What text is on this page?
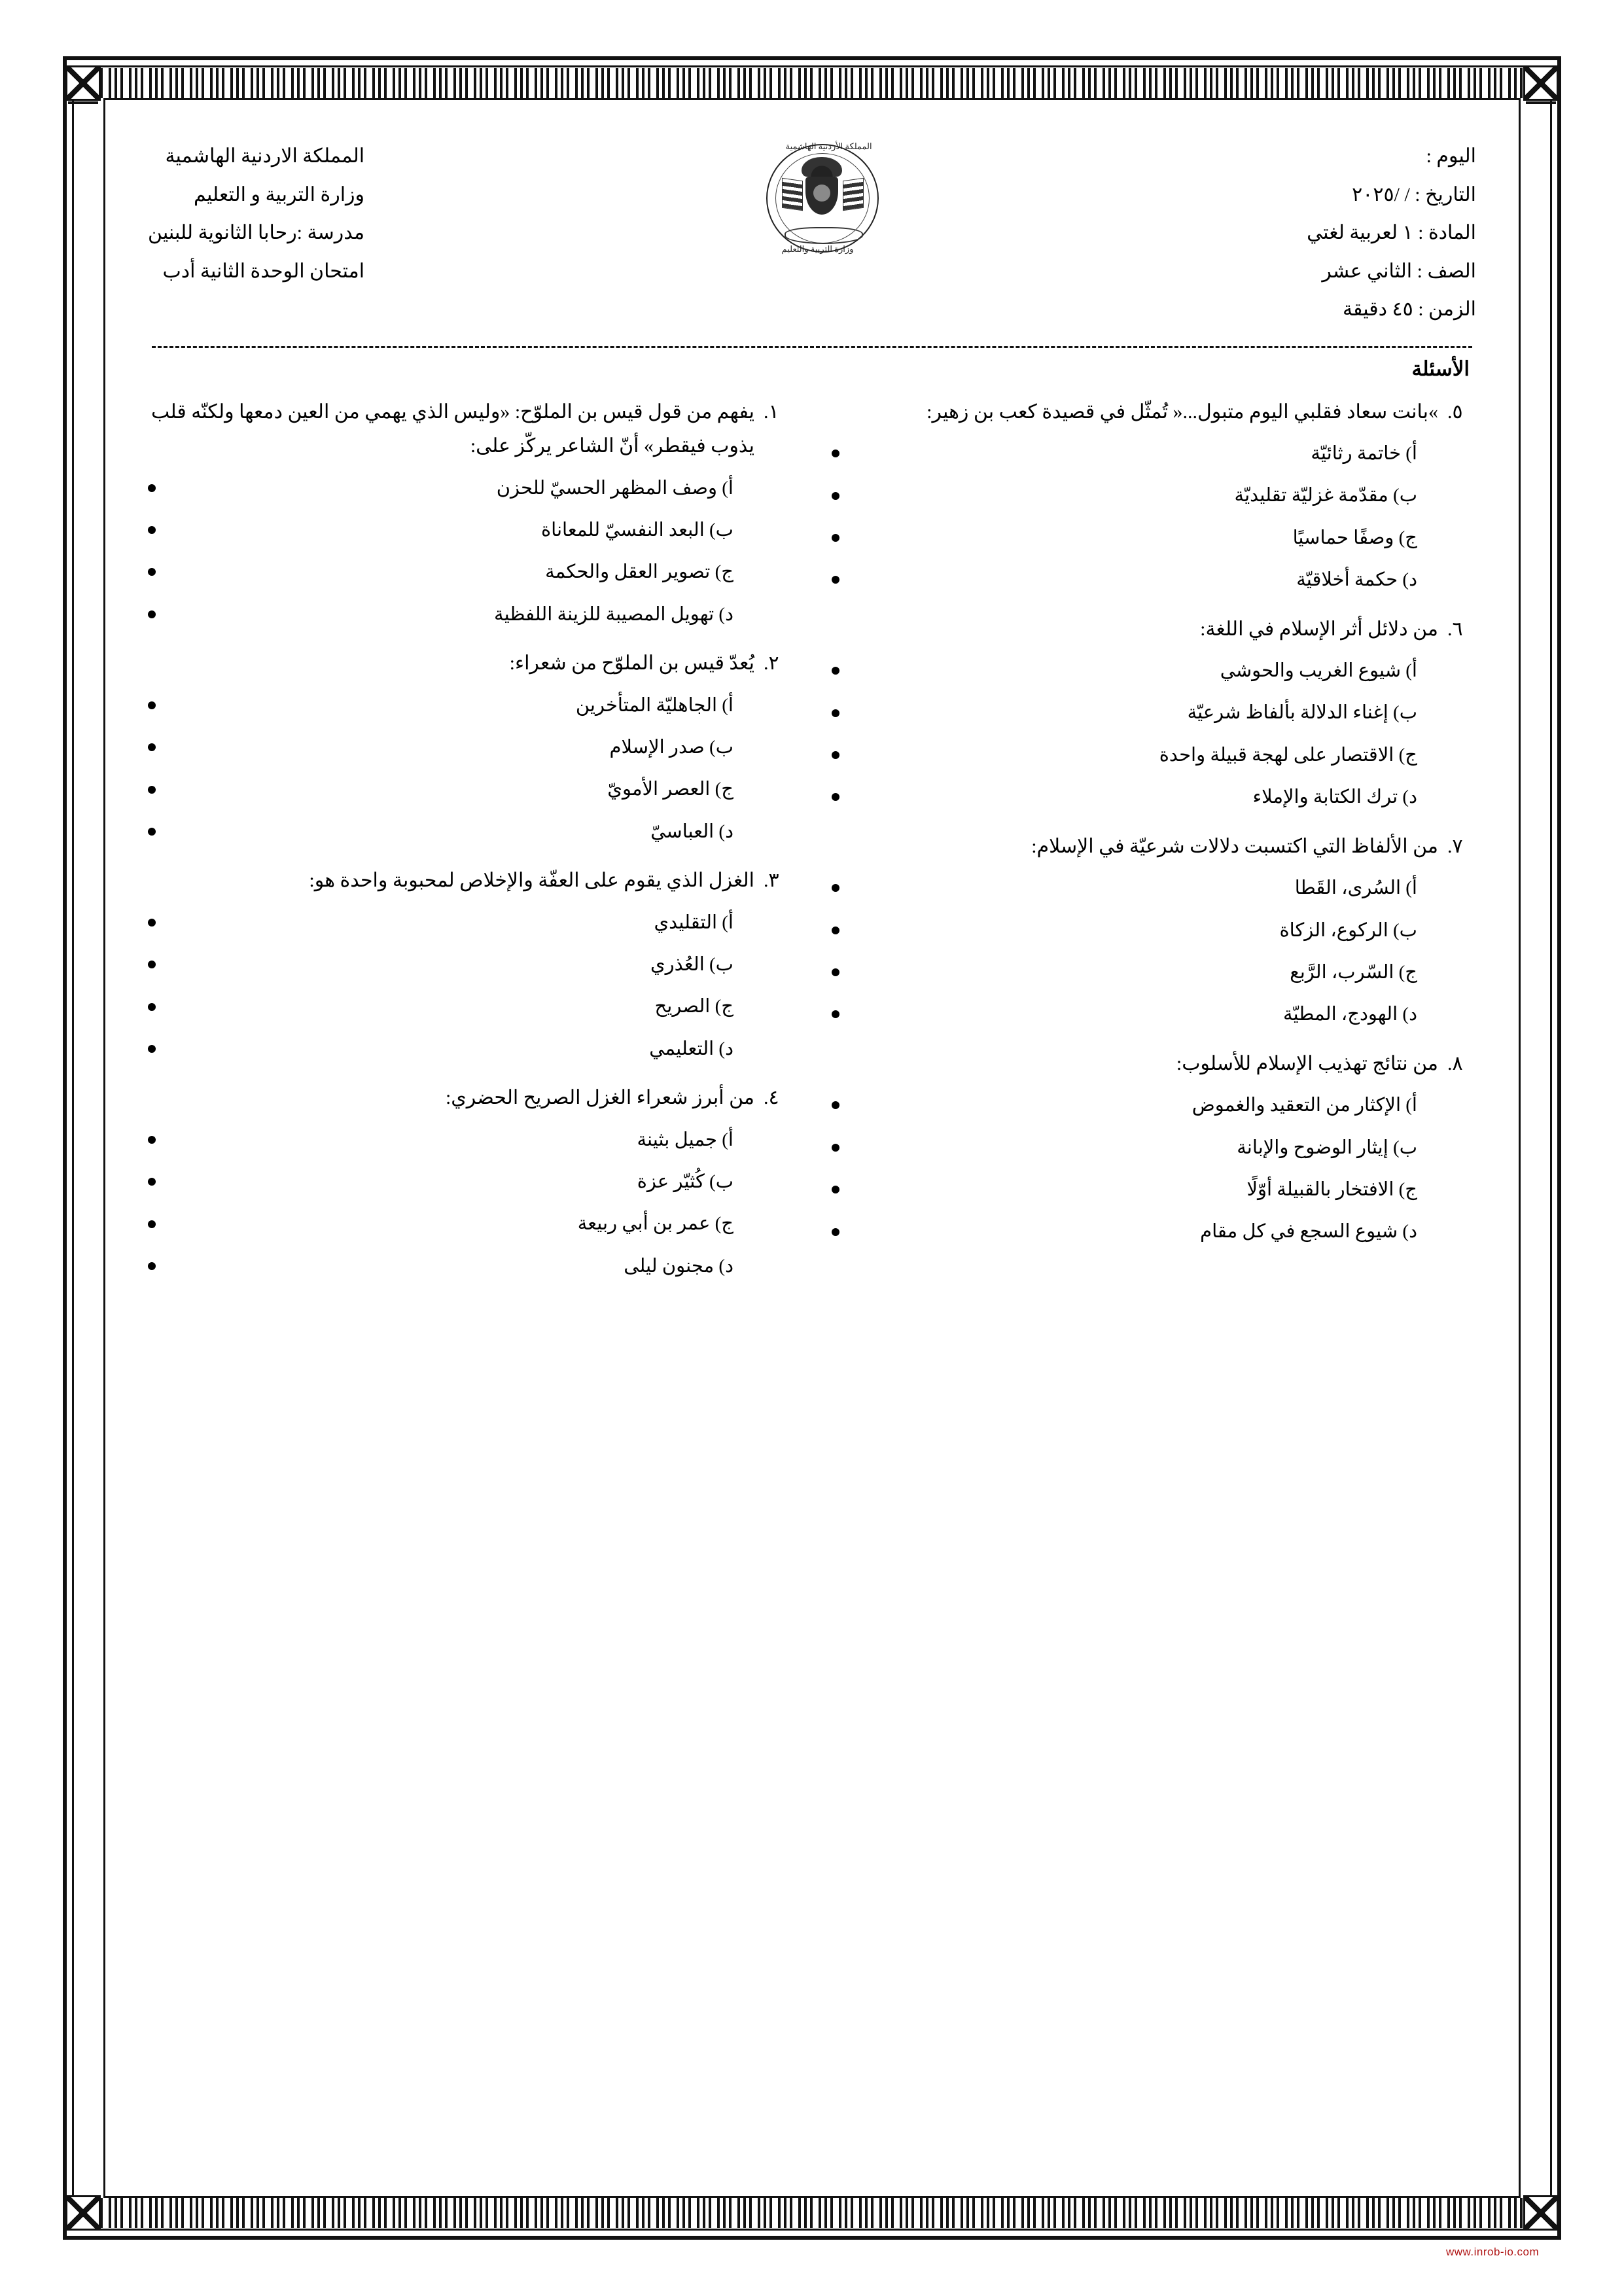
اليوم :
التاريخ : / /٢٠٢٥
المادة : ١ لعربية لغتي
الصف : الثاني عشر
الزمن : ٤٥ دقيقة
المملكة الأردنية الهاشمية
وزارة التربية والتعليم
المملكة الاردنية الهاشمية
وزارة التربية و التعليم
مدرسة :رحابا الثانوية للبنين
امتحان الوحدة الثانية أدب
الأسئلة
٥.
»بانت سعاد فقلبي اليوم متبول...« تُمثّل في قصيدة كعب بن زهير:
أ) خاتمة رثائيّة
ب) مقدّمة غزليّة تقليديّة
ج) وصفًا حماسيًا
د) حكمة أخلاقيّة
٦.
من دلائل أثر الإسلام في اللغة:
أ) شيوع الغريب والحوشي
ب) إغناء الدلالة بألفاظ شرعيّة
ج) الاقتصار على لهجة قبيلة واحدة
د) ترك الكتابة والإملاء
٧.
من الألفاظ التي اكتسبت دلالات شرعيّة في الإسلام:
أ) السُرى، القَطا
ب) الركوع، الزكاة
ج) السّرب، الرَّبع
د) الهودج، المطيّة
٨.
من نتائج تهذيب الإسلام للأسلوب:
أ) الإكثار من التعقيد والغموض
ب) إيثار الوضوح والإبانة
ج) الافتخار بالقبيلة أوّلًا
د) شيوع السجع في كل مقام
١.
يفهم من قول قيس بن الملوّح: «وليس الذي يهمي من العين دمعها ولكنّه قلب يذوب فيقطر» أنّ الشاعر يركّز على:
أ) وصف المظهر الحسيّ للحزن
ب) البعد النفسيّ للمعاناة
ج) تصوير العقل والحكمة
د) تهويل المصيبة للزينة اللفظية
٢.
يُعدّ قيس بن الملوّح من شعراء:
أ) الجاهليّة المتأخرين
ب) صدر الإسلام
ج) العصر الأمويّ
د) العباسيّ
٣.
الغزل الذي يقوم على العفّة والإخلاص لمحبوبة واحدة هو:
أ) التقليدي
ب) العُذري
ج) الصريح
د) التعليمي
٤.
من أبرز شعراء الغزل الصريح الحضري:
أ) جميل بثينة
ب) كُثيّر عزة
ج) عمر بن أبي ربيعة
د) مجنون ليلى
www.inrob-io.com
